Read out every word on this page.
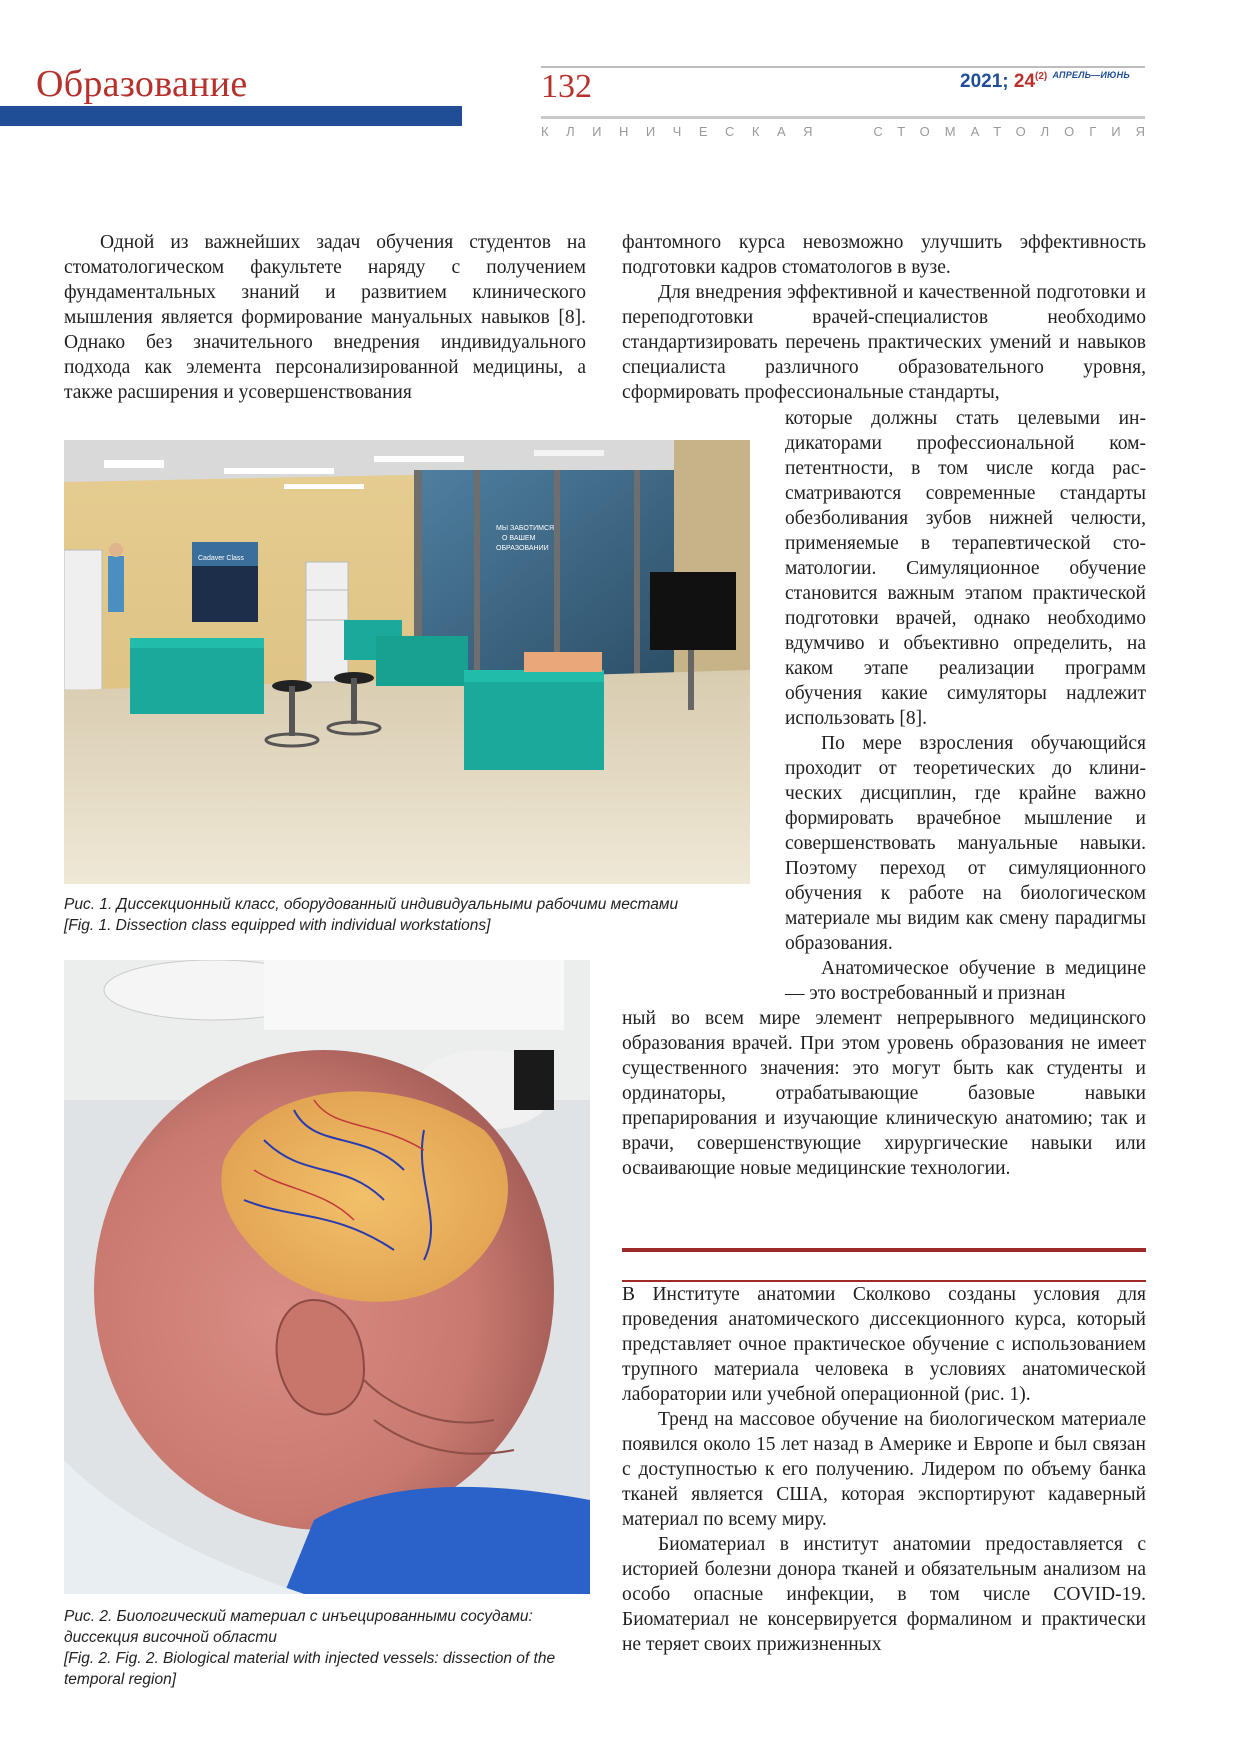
Образование	132	2021; 24$^{(2)}$ $^{АПРЕЛЬ—ИЮНЬ}$
КЛИНИЧЕСКАЯ	СТОМАТОЛОГИЯ

Одной из важнейших задач обучения студентов на стоматологическом факультете наряду с получением фундаментальных знаний и развитием клинического мышления является формирование мануальных навыков [8]. Однако без значительного внедрения индивидуального подхода как элемента персонализированной медицины, а также расширения и усовершенствования

фантомного курса невозможно улучшить эффективность подготовки кадров стоматологов в вузе.

Для внедрения эффективной и качественной подготовки и переподготовки врачей-специалистов необходимо стандартизировать перечень практических умений и навыков специалиста различного образовательного уровня, сформировать профессиональные стандарты,

которые должны стать целевыми индикаторами профессиональной компетентности, в том числе когда рассматриваются современные стандарты обезболивания зубов нижней челюсти, применяемые в терапевтической стоматологии. Симуляционное обучение становится важным этапом практической подготовки врачей, однако необходимо вдумчиво и объективно определить, на каком этапе реализации программ обучения какие симуляторы надлежит использовать [8].

По мере взросления обучающийся проходит от теоретических до клинических дисциплин, где крайне важно формировать врачебное мышление и совершенствовать мануальные навыки. Поэтому переход от симуляционного обучения к работе на биологическом материале мы видим как смену парадигмы образования.

Анатомическое обучение в медицине — это востребованный и признан

ный во всем мире элемент непрерывного медицинского образования врачей. При этом уровень образования не имеет существенного значения: это могут быть как студенты и ординаторы, отрабатывающие базовые навыки препарирования и изучающие клиническую анатомию; так и врачи, совершенствующие хирургические навыки или осваивающие новые медицинские технологии.

В Институте анатомии Сколково созданы условия для проведения анатомического диссекционного курса, который представляет очное практическое обучение с использованием трупного материала человека в условиях анатомической лаборатории или учебной операционной (рис. 1).

Тренд на массовое обучение на биологическом материале появился около 15 лет назад в Америке и Европе и был связан с доступностью к его получению. Лидером по объему банка тканей является США, которая экспортируют кадаверный материал по всему миру.

Биоматериал в институт анатомии предоставляется с историей болезни донора тканей и обязательным анализом на особо опасные инфекции, в том числе COVID-19. Биоматериал не консервируется формалином и практически не теряет своих прижизненных

МЫ ЗАБОТИМСЯ
О ВАШЕМ
ОБРАЗОВАНИИ
Cadaver Class
Рис. 1. Диссекционный класс, оборудованный индивидуальными рабочими местами
[Fig. 1. Dissection class equipped with individual workstations]
Рис. 2. Биологический материал с инъецированными сосудами:
диссекция височной области
[Fig. 2. Fig. 2. Biological material with injected vessels: dissection of the
temporal region]
